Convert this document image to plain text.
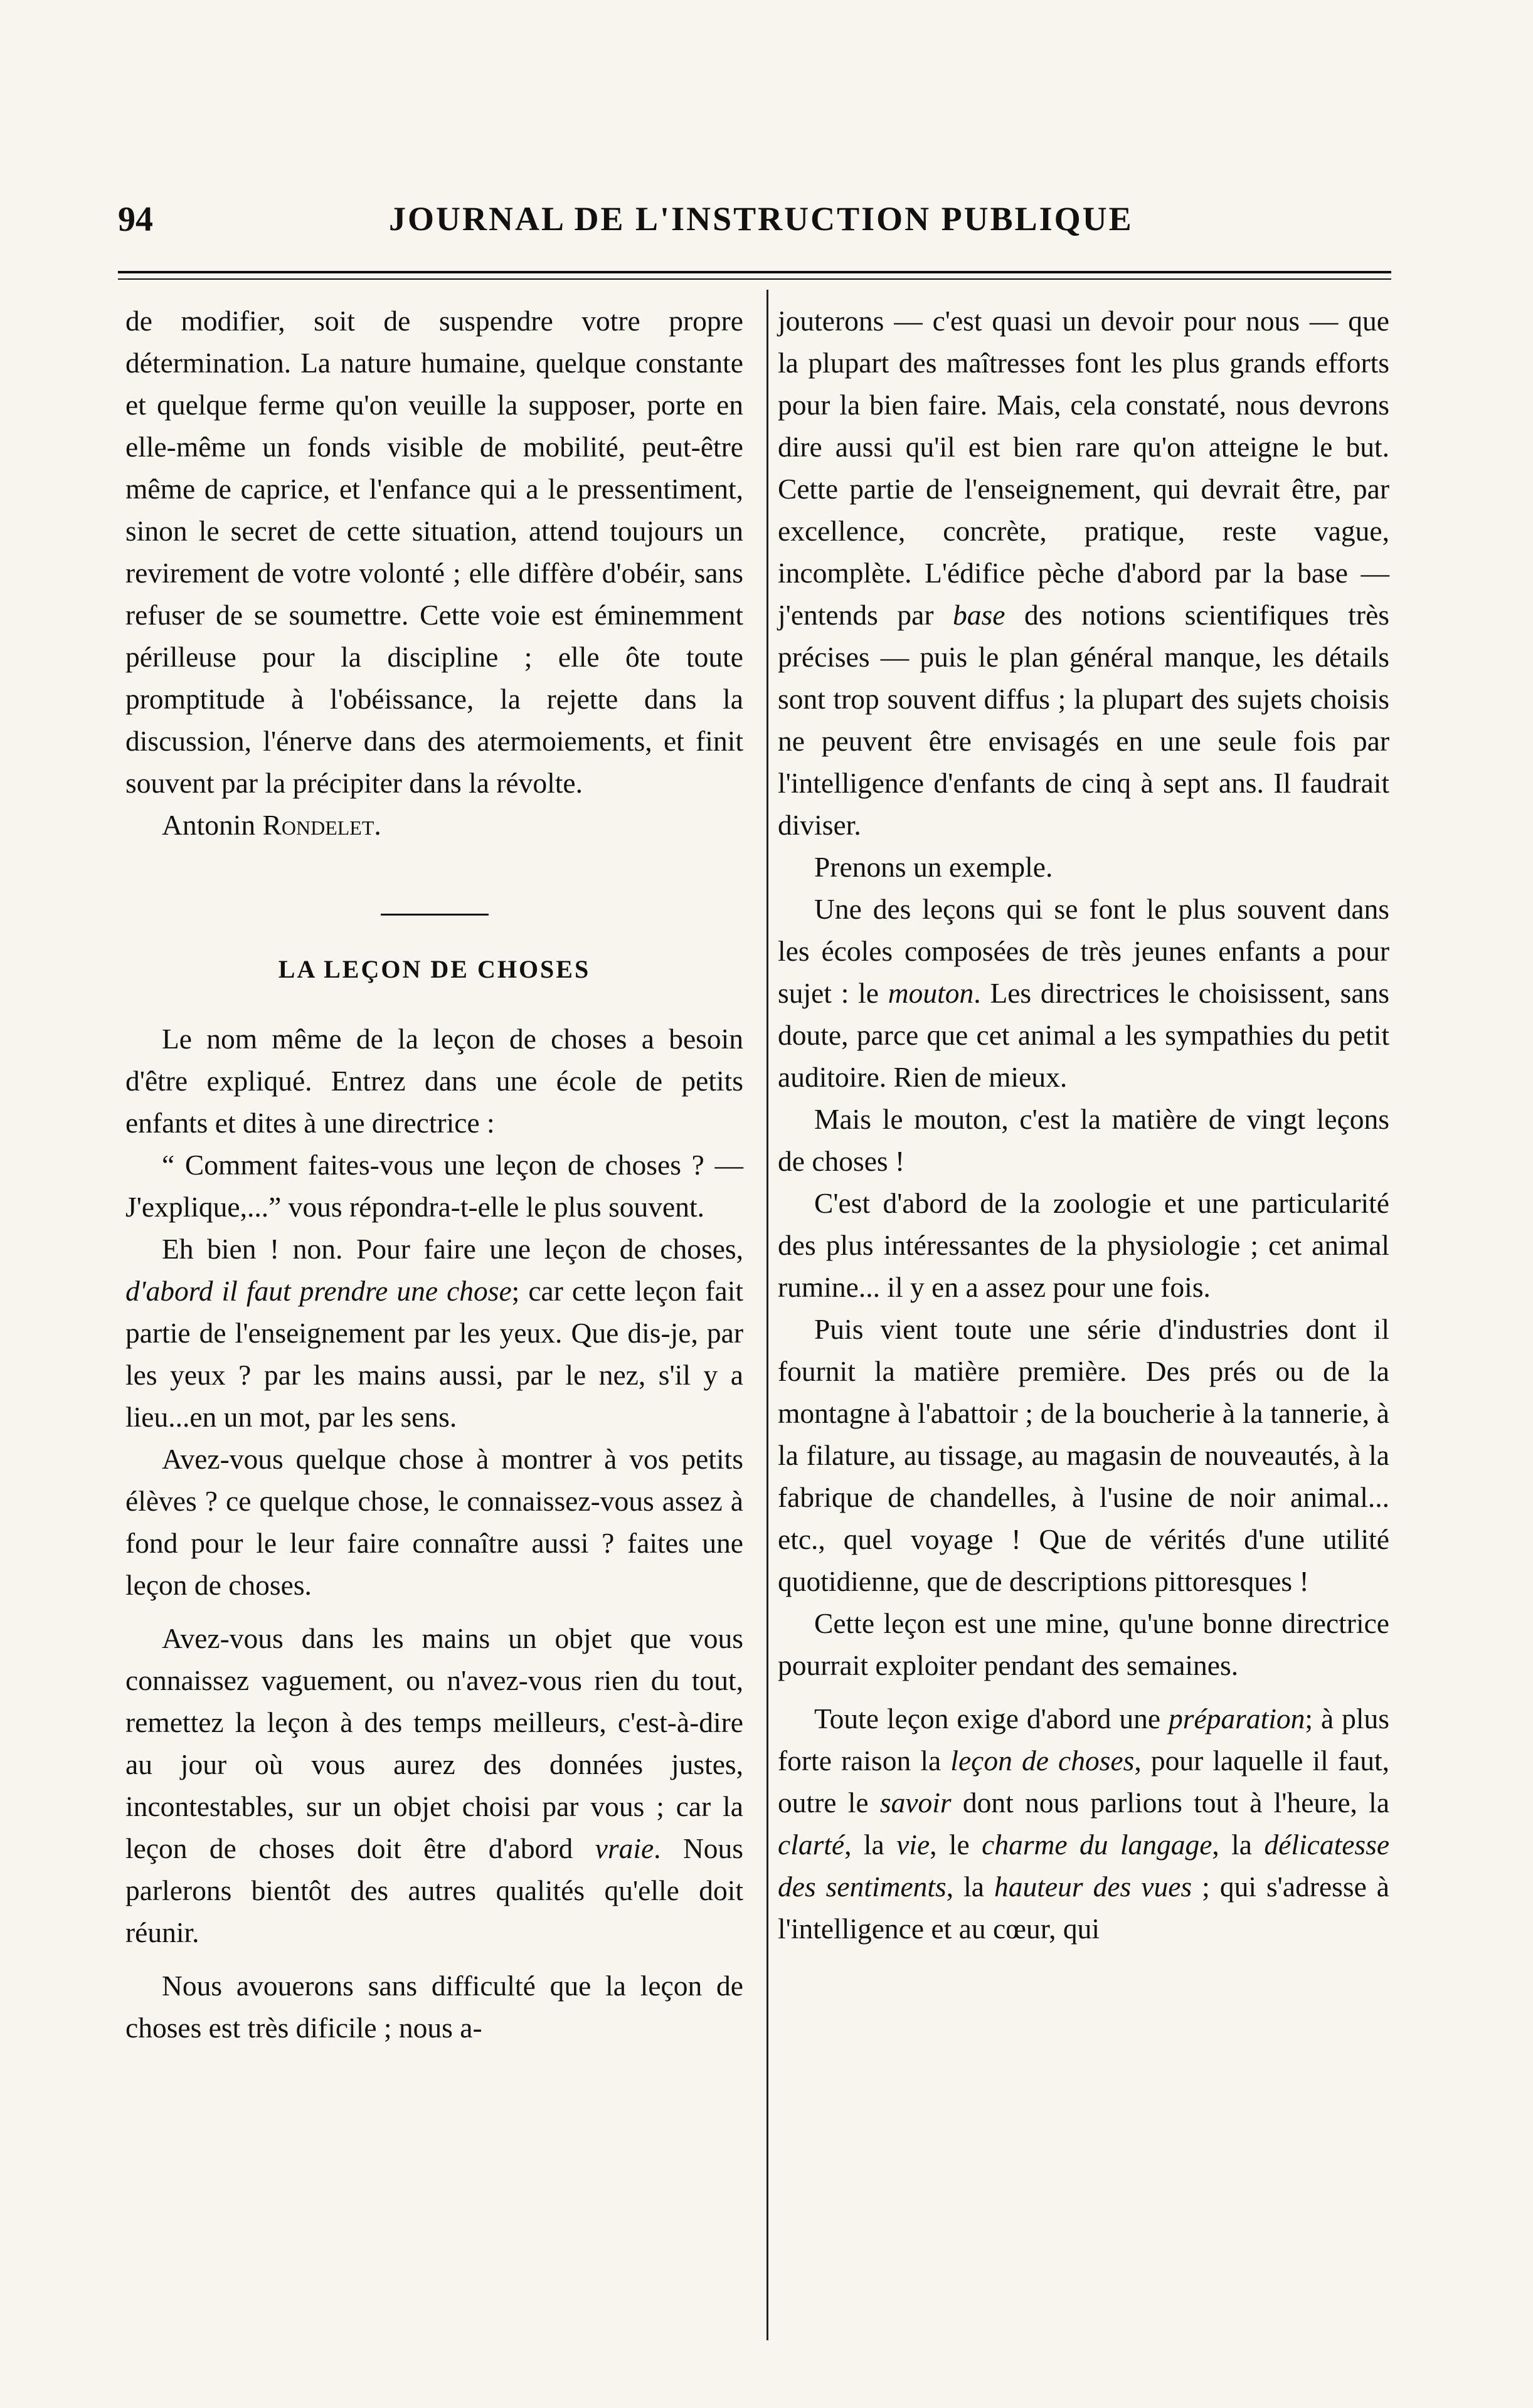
94	JOURNAL DE L'INSTRUCTION PUBLIQUE

de modifier, soit de suspendre votre propre détermination. La nature humaine, quelque constante et quelque ferme qu'on veuille la supposer, porte en elle-même un fonds visible de mobilité, peut-être même de caprice, et l'enfance qui a le pressentiment, sinon le secret de cette situation, attend toujours un revirement de votre volonté ; elle diffère d'obéir, sans refuser de se soumettre. Cette voie est éminemment périlleuse pour la discipline ; elle ôte toute promptitude à l'obéissance, la rejette dans la discussion, l'énerve dans des atermoiements, et finit souvent par la précipiter dans la révolte.

Antonin Rondelet.

LA LEÇON DE CHOSES

Le nom même de la leçon de choses a besoin d'être expliqué. Entrez dans une école de petits enfants et dites à une directrice :

“ Comment faites-vous une leçon de choses ? — J'explique,...” vous répondra-t-elle le plus souvent.

Eh bien ! non. Pour faire une leçon de choses, d'abord il faut prendre une chose; car cette leçon fait partie de l'enseignement par les yeux. Que dis-je, par les yeux ? par les mains aussi, par le nez, s'il y a lieu...en un mot, par les sens.

Avez-vous quelque chose à montrer à vos petits élèves ? ce quelque chose, le connaissez-vous assez à fond pour le leur faire connaître aussi ? faites une leçon de choses.

Avez-vous dans les mains un objet que vous connaissez vaguement, ou n'avez-vous rien du tout, remettez la leçon à des temps meilleurs, c'est-à-dire au jour où vous aurez des données justes, incontestables, sur un objet choisi par vous ; car la leçon de choses doit être d'abord vraie. Nous parlerons bientôt des autres qualités qu'elle doit réunir.

Nous avouerons sans difficulté que la leçon de choses est très dificile ; nous a-

jouterons — c'est quasi un devoir pour nous — que la plupart des maîtresses font les plus grands efforts pour la bien faire. Mais, cela constaté, nous devrons dire aussi qu'il est bien rare qu'on atteigne le but. Cette partie de l'enseignement, qui devrait être, par excellence, concrète, pratique, reste vague, incomplète. L'édifice pèche d'abord par la base — j'entends par base des notions scientifiques très précises — puis le plan général manque, les détails sont trop souvent diffus ; la plupart des sujets choisis ne peuvent être envisagés en une seule fois par l'intelligence d'enfants de cinq à sept ans. Il faudrait diviser.

Prenons un exemple.

Une des leçons qui se font le plus souvent dans les écoles composées de très jeunes enfants a pour sujet : le mouton. Les directrices le choisissent, sans doute, parce que cet animal a les sympathies du petit auditoire. Rien de mieux.

Mais le mouton, c'est la matière de vingt leçons de choses !

C'est d'abord de la zoologie et une particularité des plus intéressantes de la physiologie ; cet animal rumine... il y en a assez pour une fois.

Puis vient toute une série d'industries dont il fournit la matière première. Des prés ou de la montagne à l'abattoir ; de la boucherie à la tannerie, à la filature, au tissage, au magasin de nouveautés, à la fabrique de chandelles, à l'usine de noir animal... etc., quel voyage ! Que de vérités d'une utilité quotidienne, que de descriptions pittoresques !

Cette leçon est une mine, qu'une bonne directrice pourrait exploiter pendant des semaines.

Toute leçon exige d'abord une préparation; à plus forte raison la leçon de choses, pour laquelle il faut, outre le savoir dont nous parlions tout à l'heure, la clarté, la vie, le charme du langage, la délicatesse des sentiments, la hauteur des vues ; qui s'adresse à l'intelligence et au cœur, qui
